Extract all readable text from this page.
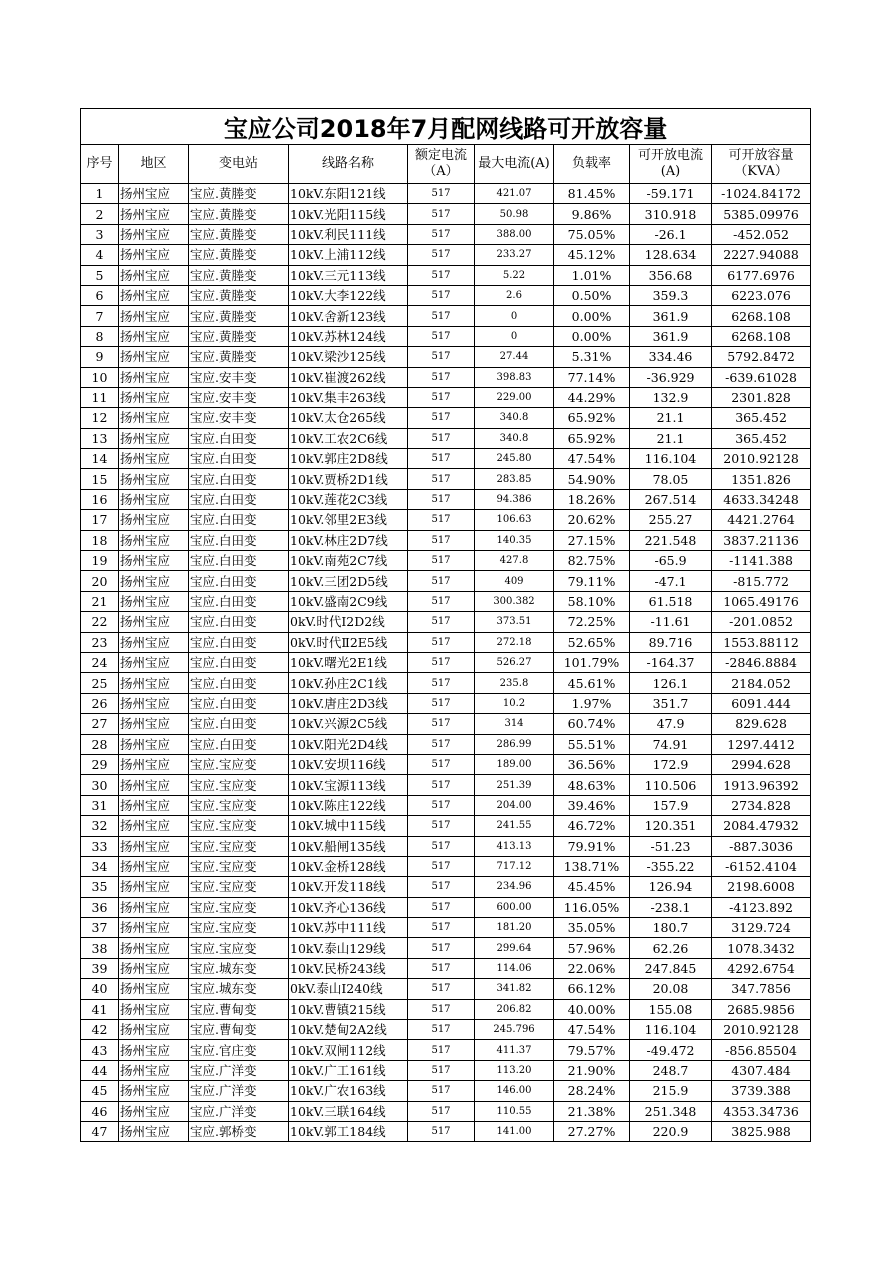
宝应公司2018年7月配网线路可开放容量								
序号	地区	变电站	线路名称	额定电流（A）	最大电流(A)	负载率	可开放电流(A)	可开放容量（KVA）
1	扬州宝应	宝应.黄塍变	10kV.东阳121线	517	421.07	81.45%	-59.171	-1024.84172
2	扬州宝应	宝应.黄塍变	10kV.光阳115线	517	50.98	9.86%	310.918	5385.09976
3	扬州宝应	宝应.黄塍变	10kV.利民111线	517	388.00	75.05%	-26.1	-452.052
4	扬州宝应	宝应.黄塍变	10kV.上浦112线	517	233.27	45.12%	128.634	2227.94088
5	扬州宝应	宝应.黄塍变	10kV.三元113线	517	5.22	1.01%	356.68	6177.6976
6	扬州宝应	宝应.黄塍变	10kV.大李122线	517	2.6	0.50%	359.3	6223.076
7	扬州宝应	宝应.黄塍变	10kV.舍新123线	517	0	0.00%	361.9	6268.108
8	扬州宝应	宝应.黄塍变	10kV.苏林124线	517	0	0.00%	361.9	6268.108
9	扬州宝应	宝应.黄塍变	10kV.梁沙125线	517	27.44	5.31%	334.46	5792.8472
10	扬州宝应	宝应.安丰变	10kV.崔渡262线	517	398.83	77.14%	-36.929	-639.61028
11	扬州宝应	宝应.安丰变	10kV.集丰263线	517	229.00	44.29%	132.9	2301.828
12	扬州宝应	宝应.安丰变	10kV.太仓265线	517	340.8	65.92%	21.1	365.452
13	扬州宝应	宝应.白田变	10kV.工农2C6线	517	340.8	65.92%	21.1	365.452
14	扬州宝应	宝应.白田变	10kV.郭庄2D8线	517	245.80	47.54%	116.104	2010.92128
15	扬州宝应	宝应.白田变	10kV.贾桥2D1线	517	283.85	54.90%	78.05	1351.826
16	扬州宝应	宝应.白田变	10kV.莲花2C3线	517	94.386	18.26%	267.514	4633.34248
17	扬州宝应	宝应.白田变	10kV.邻里2E3线	517	106.63	20.62%	255.27	4421.2764
18	扬州宝应	宝应.白田变	10kV.林庄2D7线	517	140.35	27.15%	221.548	3837.21136
19	扬州宝应	宝应.白田变	10kV.南苑2C7线	517	427.8	82.75%	-65.9	-1141.388
20	扬州宝应	宝应.白田变	10kV.三团2D5线	517	409	79.11%	-47.1	-815.772
21	扬州宝应	宝应.白田变	10kV.盛南2C9线	517	300.382	58.10%	61.518	1065.49176
22	扬州宝应	宝应.白田变	0kV.时代Ⅰ2D2线	517	373.51	72.25%	-11.61	-201.0852
23	扬州宝应	宝应.白田变	0kV.时代Ⅱ2E5线	517	272.18	52.65%	89.716	1553.88112
24	扬州宝应	宝应.白田变	10kV.曙光2E1线	517	526.27	101.79%	-164.37	-2846.8884
25	扬州宝应	宝应.白田变	10kV.孙庄2C1线	517	235.8	45.61%	126.1	2184.052
26	扬州宝应	宝应.白田变	10kV.唐庄2D3线	517	10.2	1.97%	351.7	6091.444
27	扬州宝应	宝应.白田变	10kV.兴源2C5线	517	314	60.74%	47.9	829.628
28	扬州宝应	宝应.白田变	10kV.阳光2D4线	517	286.99	55.51%	74.91	1297.4412
29	扬州宝应	宝应.宝应变	10kV.安坝116线	517	189.00	36.56%	172.9	2994.628
30	扬州宝应	宝应.宝应变	10kV.宝源113线	517	251.39	48.63%	110.506	1913.96392
31	扬州宝应	宝应.宝应变	10kV.陈庄122线	517	204.00	39.46%	157.9	2734.828
32	扬州宝应	宝应.宝应变	10kV.城中115线	517	241.55	46.72%	120.351	2084.47932
33	扬州宝应	宝应.宝应变	10kV.船闸135线	517	413.13	79.91%	-51.23	-887.3036
34	扬州宝应	宝应.宝应变	10kV.金桥128线	517	717.12	138.71%	-355.22	-6152.4104
35	扬州宝应	宝应.宝应变	10kV.开发118线	517	234.96	45.45%	126.94	2198.6008
36	扬州宝应	宝应.宝应变	10kV.齐心136线	517	600.00	116.05%	-238.1	-4123.892
37	扬州宝应	宝应.宝应变	10kV.苏中111线	517	181.20	35.05%	180.7	3129.724
38	扬州宝应	宝应.宝应变	10kV.泰山129线	517	299.64	57.96%	62.26	1078.3432
39	扬州宝应	宝应.城东变	10kV.民桥243线	517	114.06	22.06%	247.845	4292.6754
40	扬州宝应	宝应.城东变	0kV.泰山Ⅰ240线	517	341.82	66.12%	20.08	347.7856
41	扬州宝应	宝应.曹甸变	10kV.曹镇215线	517	206.82	40.00%	155.08	2685.9856
42	扬州宝应	宝应.曹甸变	10kV.楚甸2A2线	517	245.796	47.54%	116.104	2010.92128
43	扬州宝应	宝应.官庄变	10kV.双闸112线	517	411.37	79.57%	-49.472	-856.85504
44	扬州宝应	宝应.广洋变	10kV.广工161线	517	113.20	21.90%	248.7	4307.484
45	扬州宝应	宝应.广洋变	10kV.广农163线	517	146.00	28.24%	215.9	3739.388
46	扬州宝应	宝应.广洋变	10kV.三联164线	517	110.55	21.38%	251.348	4353.34736
47	扬州宝应	宝应.郭桥变	10kV.郭工184线	517	141.00	27.27%	220.9	3825.988
